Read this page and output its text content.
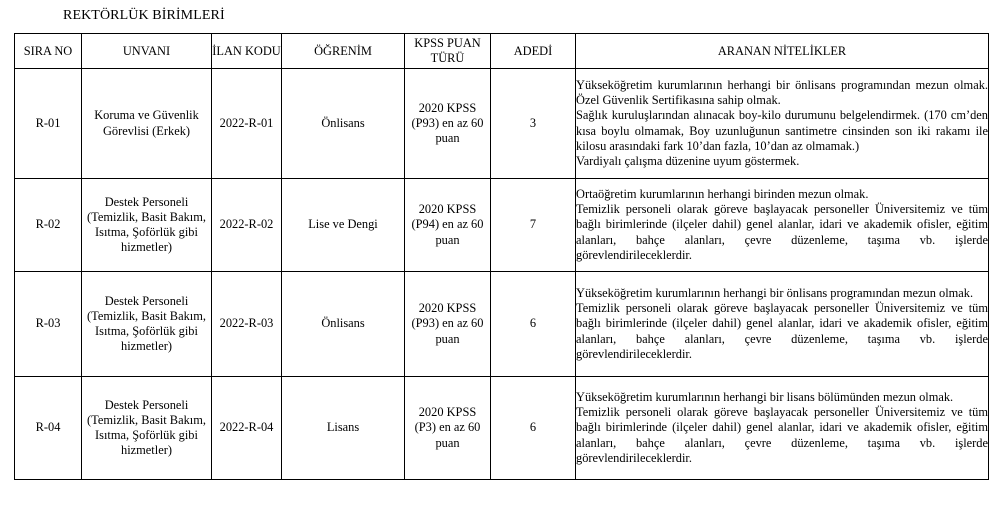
REKTÖRLÜK BİRİMLERİ
SIRA NO	UNVANI	İLAN KODU	ÖĞRENİM	KPSS PUAN TÜRÜ	ADEDİ	ARANAN NİTELİKLER
R-01	Koruma ve Güvenlik Görevlisi (Erkek)	2022-R-01	Önlisans	2020 KPSS (P93) en az 60 puan	3	Yükseköğretim kurumlarının herhangi bir önlisans programından mezun olmak. Özel Güvenlik Sertifikasına sahip olmak.
Sağlık kuruluşlarından alınacak boy-kilo durumunu belgelendirmek. (170 cm’den kısa boylu olmamak, Boy uzunluğunun santimetre cinsinden son iki rakamı ile kilosu arasındaki fark 10’dan fazla, 10’dan az olmamak.)
Vardiyalı çalışma düzenine uyum göstermek.

R-02	Destek Personeli (Temizlik, Basit Bakım, Isıtma, Şoförlük gibi hizmetler)	2022-R-02	Lise ve Dengi	2020 KPSS (P94) en az 60 puan	7	Ortaöğretim kurumlarının herhangi birinden mezun olmak.
Temizlik personeli olarak göreve başlayacak personeller Üniversitemiz ve tüm bağlı birimlerinde (ilçeler dahil) genel alanlar, idari ve akademik ofisler, eğitim alanları, bahçe alanları, çevre düzenleme, taşıma vb. işlerde görevlendirileceklerdir.

R-03	Destek Personeli (Temizlik, Basit Bakım, Isıtma, Şoförlük gibi hizmetler)	2022-R-03	Önlisans	2020 KPSS (P93) en az 60 puan	6	Yükseköğretim kurumlarının herhangi bir önlisans programından mezun olmak.
Temizlik personeli olarak göreve başlayacak personeller Üniversitemiz ve tüm bağlı birimlerinde (ilçeler dahil) genel alanlar, idari ve akademik ofisler, eğitim alanları, bahçe alanları, çevre düzenleme, taşıma vb. işlerde görevlendirileceklerdir.

R-04	Destek Personeli (Temizlik, Basit Bakım, Isıtma, Şoförlük gibi hizmetler)	2022-R-04	Lisans	2020 KPSS (P3) en az 60 puan	6	Yükseköğretim kurumlarının herhangi bir lisans bölümünden mezun olmak.
Temizlik personeli olarak göreve başlayacak personeller Üniversitemiz ve tüm bağlı birimlerinde (ilçeler dahil) genel alanlar, idari ve akademik ofisler, eğitim alanları, bahçe alanları, çevre düzenleme, taşıma vb. işlerde görevlendirileceklerdir.
